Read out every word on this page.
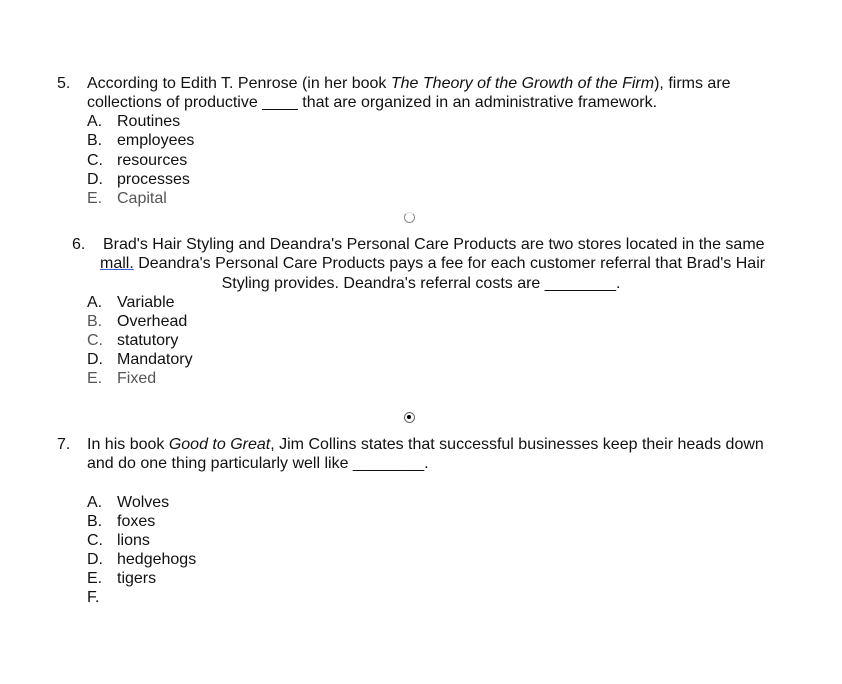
5. According to Edith T. Penrose (in her book The Theory of the Growth of the Firm), firms are
collections of productive ____ that are organized in an administrative framework.
A. Routines
B. employees
C. resources
D. processes
E. Capital
6. Brad's Hair Styling and Deandra's Personal Care Products are two stores located in the same
mall. Deandra's Personal Care Products pays a fee for each customer referral that Brad's Hair
Styling provides. Deandra's referral costs are ________.
A. Variable
B. Overhead
C. statutory
D. Mandatory
E. Fixed
7. In his book Good to Great, Jim Collins states that successful businesses keep their heads down
and do one thing particularly well like ________.
A. Wolves
B. foxes
C. lions
D. hedgehogs
E. tigers
F.
